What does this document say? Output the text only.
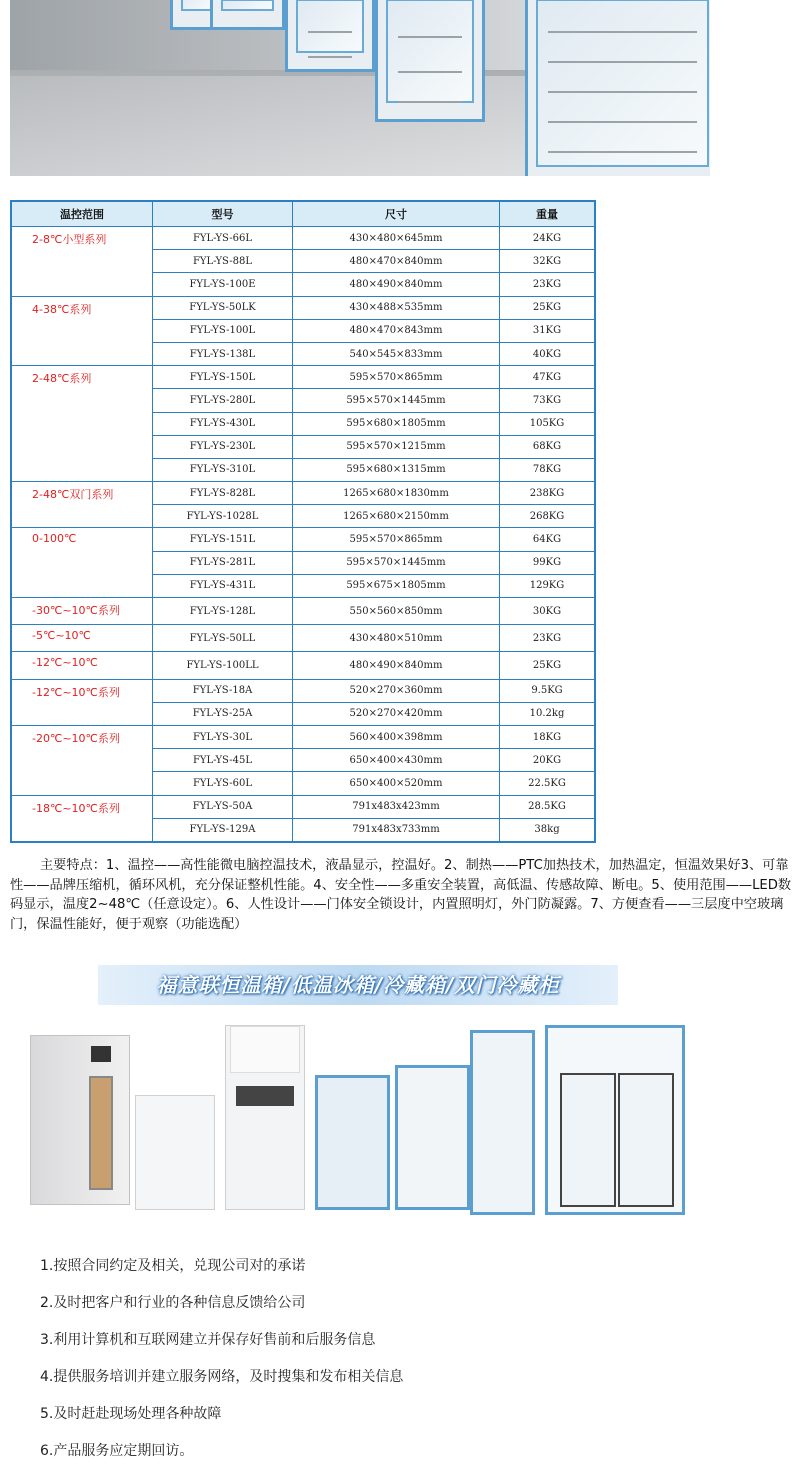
温控范围	型号	尺寸	重量
2-8℃小型系列	FYL-YS-66L	430×480×645mm	24KG
	FYL-YS-88L	480×470×840mm	32KG
	FYL-YS-100E	480×490×840mm	23KG
4-38℃系列	FYL-YS-50LK	430×488×535mm	25KG
	FYL-YS-100L	480×470×843mm	31KG
	FYL-YS-138L	540×545×833mm	40KG
2-48℃系列	FYL-YS-150L	595×570×865mm	47KG
	FYL-YS-280L	595×570×1445mm	73KG
	FYL-YS-430L	595×680×1805mm	105KG
	FYL-YS-230L	595×570×1215mm	68KG
	FYL-YS-310L	595×680×1315mm	78KG
2-48℃双门系列	FYL-YS-828L	1265×680×1830mm	238KG
	FYL-YS-1028L	1265×680×2150mm	268KG
0-100℃	FYL-YS-151L	595×570×865mm	64KG
	FYL-YS-281L	595×570×1445mm	99KG
	FYL-YS-431L	595×675×1805mm	129KG
-30℃~10℃系列	FYL-YS-128L	550×560×850mm	30KG
-5℃~10℃	FYL-YS-50LL	430×480×510mm	23KG
-12℃~10℃	FYL-YS-100LL	480×490×840mm	25KG
-12℃~10℃系列	FYL-YS-18A	520×270×360mm	9.5KG
	FYL-YS-25A	520×270×420mm	10.2kg
-20℃~10℃系列	FYL-YS-30L	560×400×398mm	18KG
	FYL-YS-45L	650×400×430mm	20KG
	FYL-YS-60L	650×400×520mm	22.5KG
-18℃~10℃系列	FYL-YS-50A	791x483x423mm	28.5KG
	FYL-YS-129A	791x483x733mm	38kg

主要特点：1、温控——高性能微电脑控温技术，液晶显示，控温好。2、制热——PTC加热技术，加热温定，恒温效果好3、可靠性——品牌压缩机，循环风机，充分保证整机性能。4、安全性——多重安全装置，高低温、传感故障、断电。5、使用范围——LED数码显示，温度2~48℃（任意设定）。6、人性设计——门体安全锁设计，内置照明灯，外门防凝露。7、方便查看——三层度中空玻璃门，保温性能好，便于观察（功能选配）

福意联恒温箱/低温冰箱/冷藏箱/双门冷藏柜
1.按照合同约定及相关，兑现公司对的承诺
2.及时把客户和行业的各种信息反馈给公司
3.利用计算机和互联网建立并保存好售前和后服务信息
4.提供服务培训并建立服务网络，及时搜集和发布相关信息
5.及时赶赴现场处理各种故障
6.产品服务应定期回访。
